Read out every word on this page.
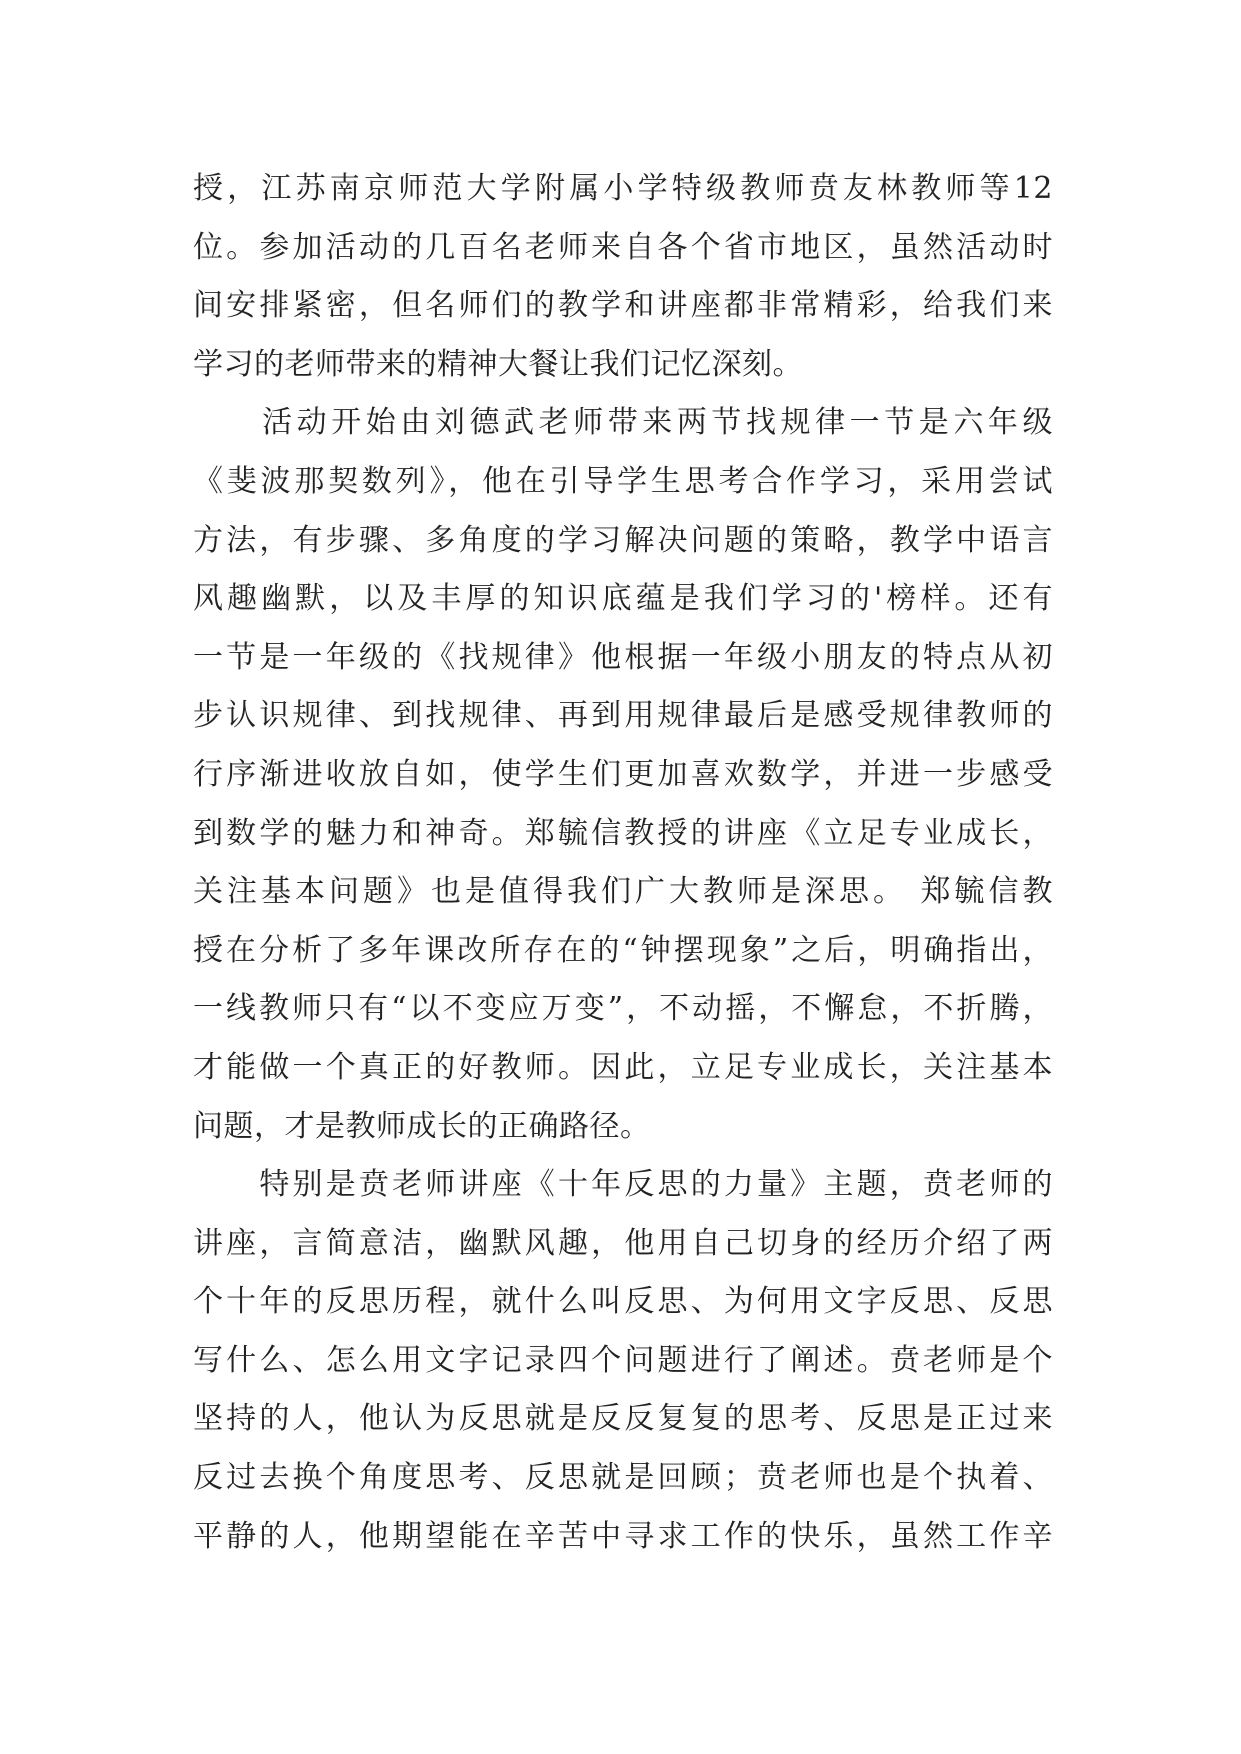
授，江苏南京师范大学附属小学特级教师贲友林教师等12
位。参加活动的几百名老师来自各个省市地区，虽然活动时
间安排紧密，但名师们的教学和讲座都非常精彩，给我们来
学习的老师带来的精神大餐让我们记忆深刻。
　　活动开始由刘德武老师带来两节找规律一节是六年级
《斐波那契数列》，他在引导学生思考合作学习，采用尝试
方法，有步骤、多角度的学习解决问题的策略，教学中语言
风趣幽默，以及丰厚的知识底蕴是我们学习的'榜样。还有
一节是一年级的《找规律》他根据一年级小朋友的特点从初
步认识规律、到找规律、再到用规律最后是感受规律教师的
行序渐进收放自如，使学生们更加喜欢数学，并进一步感受
到数学的魅力和神奇。郑毓信教授的讲座《立足专业成长，
关注基本问题》也是值得我们广大教师是深思。 郑毓信教
授在分析了多年课改所存在的“钟摆现象”之后，明确指出，
一线教师只有“以不变应万变”，不动摇，不懈怠，不折腾，
才能做一个真正的好教师。因此，立足专业成长，关注基本
问题，才是教师成长的正确路径。
　　特别是贲老师讲座《十年反思的力量》主题，贲老师的
讲座，言简意洁，幽默风趣，他用自己切身的经历介绍了两
个十年的反思历程，就什么叫反思、为何用文字反思、反思
写什么、怎么用文字记录四个问题进行了阐述。贲老师是个
坚持的人，他认为反思就是反反复复的思考、反思是正过来
反过去换个角度思考、反思就是回顾；贲老师也是个执着、
平静的人，他期望能在辛苦中寻求工作的快乐，虽然工作辛
